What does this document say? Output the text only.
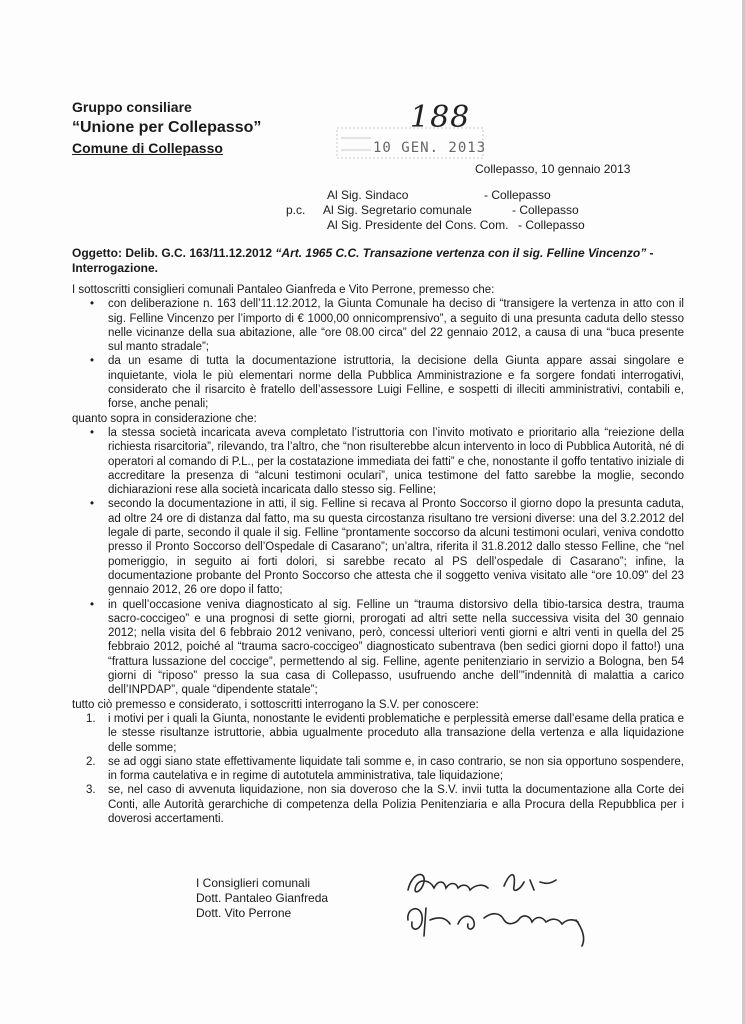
Gruppo consiliare
“Unione per Collepasso”
Comune di Collepasso
188
10 GEN. 2013
Collepasso, 10 gennaio 2013
Al Sig. Sindaco	- Collepasso
p.c. Al Sig. Segretario comunale	- Collepasso
Al Sig. Presidente del Cons. Com. - Collepasso
Oggetto: Delib. G.C. 163/11.12.2012 “Art. 1965 C.C. Transazione vertenza con il sig. Felline Vincenzo” - Interrogazione.

I sottoscritti consiglieri comunali Pantaleo Gianfreda e Vito Perrone, premesso che:

• con deliberazione n. 163 dell’11.12.2012, la Giunta Comunale ha deciso di “transigere la vertenza in atto con il sig. Felline Vincenzo per l’importo di € 1000,00 onnicomprensivo”, a seguito di una presunta caduta dello stesso nelle vicinanze della sua abitazione, alle “ore 08.00 circa” del 22 gennaio 2012, a causa di una “buca presente sul manto stradale”;
• da un esame di tutta la documentazione istruttoria, la decisione della Giunta appare assai singolare e inquietante, viola le più elementari norme della Pubblica Amministrazione e fa sorgere fondati interrogativi, considerato che il risarcito è fratello dell’assessore Luigi Felline, e sospetti di illeciti amministrativi, contabili e, forse, anche penali;

quanto sopra in considerazione che:

• la stessa società incaricata aveva completato l’istruttoria con l’invito motivato e prioritario alla “reiezione della richiesta risarcitoria”, rilevando, tra l’altro, che “non risulterebbe alcun intervento in loco di Pubblica Autorità, né di operatori al comando di P.L., per la costatazione immediata dei fatti” e che, nonostante il goffo tentativo iniziale di accreditare la presenza di “alcuni testimoni oculari”, unica testimone del fatto sarebbe la moglie, secondo dichiarazioni rese alla società incaricata dallo stesso sig. Felline;
• secondo la documentazione in atti, il sig. Felline si recava al Pronto Soccorso il giorno dopo la presunta caduta, ad oltre 24 ore di distanza dal fatto, ma su questa circostanza risultano tre versioni diverse: una del 3.2.2012 del legale di parte, secondo il quale il sig. Felline “prontamente soccorso da alcuni testimoni oculari, veniva condotto presso il Pronto Soccorso dell’Ospedale di Casarano”; un’altra, riferita il 31.8.2012 dallo stesso Felline, che “nel pomeriggio, in seguito ai forti dolori, si sarebbe recato al PS dell’ospedale di Casarano”; infine, la documentazione probante del Pronto Soccorso che attesta che il soggetto veniva visitato alle “ore 10.09” del 23 gennaio 2012, 26 ore dopo il fatto;
• in quell’occasione veniva diagnosticato al sig. Felline un “trauma distorsivo della tibio-tarsica destra, trauma sacro-coccigeo” e una prognosi di sette giorni, prorogati ad altri sette nella successiva visita del 30 gennaio 2012; nella visita del 6 febbraio 2012 venivano, però, concessi ulteriori venti giorni e altri venti in quella del 25 febbraio 2012, poiché al “trauma sacro-coccigeo” diagnosticato subentrava (ben sedici giorni dopo il fatto!) una “frattura lussazione del coccige”, permettendo al sig. Felline, agente penitenziario in servizio a Bologna, ben 54 giorni di “riposo” presso la sua casa di Collepasso, usufruendo anche dell’”indennità di malattia a carico dell’INPDAP”, quale “dipendente statale”;

tutto ciò premesso e considerato, i sottoscritti interrogano la S.V. per conoscere:

1. i motivi per i quali la Giunta, nonostante le evidenti problematiche e perplessità emerse dall’esame della pratica e le stesse risultanze istruttorie, abbia ugualmente proceduto alla transazione della vertenza e alla liquidazione delle somme;
2. se ad oggi siano state effettivamente liquidate tali somme e, in caso contrario, se non sia opportuno sospendere, in forma cautelativa e in regime di autotutela amministrativa, tale liquidazione;
3. se, nel caso di avvenuta liquidazione, non sia doveroso che la S.V. invii tutta la documentazione alla Corte dei Conti, alle Autorità gerarchiche di competenza della Polizia Penitenziaria e alla Procura della Repubblica per i doverosi accertamenti.
I Consiglieri comunali
Dott. Pantaleo Gianfreda
Dott. Vito Perrone
